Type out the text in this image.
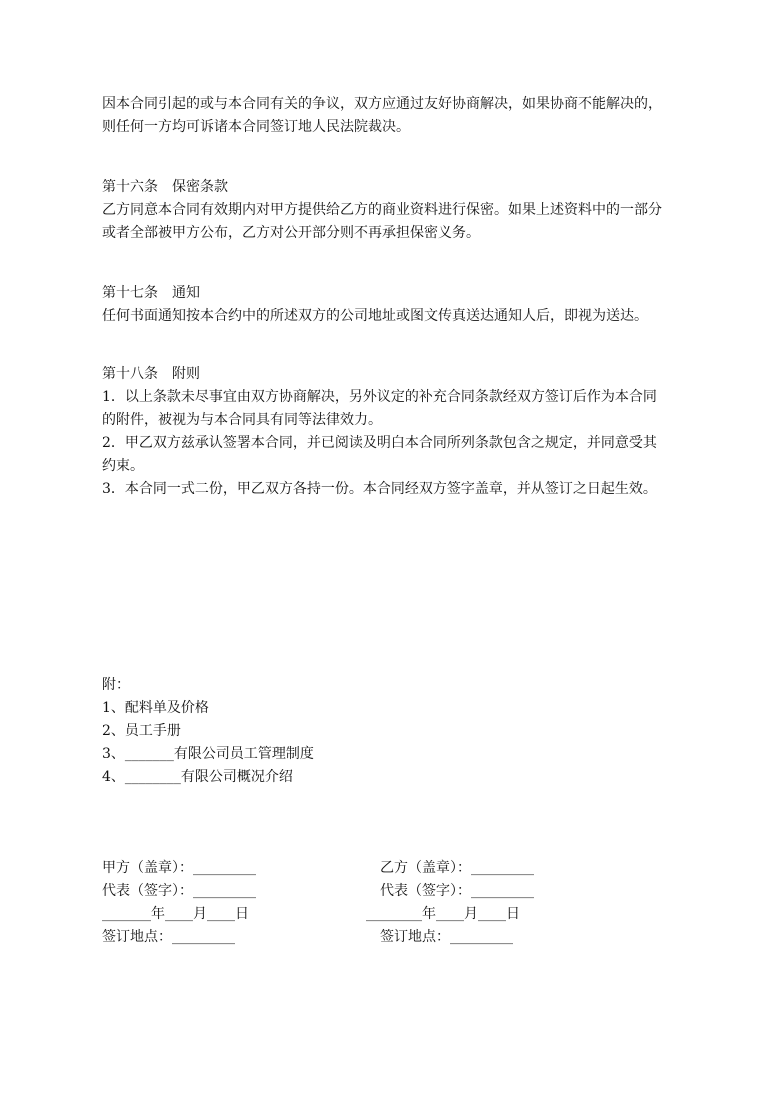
因本合同引起的或与本合同有关的争议，双方应通过友好协商解决，如果协商不能解决的，
则任何一方均可诉诸本合同签订地人民法院裁决。
第十六条　保密条款
乙方同意本合同有效期内对甲方提供给乙方的商业资料进行保密。如果上述资料中的一部分
或者全部被甲方公布，乙方对公开部分则不再承担保密义务。
第十七条　通知
任何书面通知按本合约中的所述双方的公司地址或图文传真送达通知人后，即视为送达。
第十八条　附则
1．以上条款未尽事宜由双方协商解决，另外议定的补充合同条款经双方签订后作为本合同
的附件，被视为与本合同具有同等法律效力。
2．甲乙双方兹承认签署本合同，并已阅读及明白本合同所列条款包含之规定，并同意受其
约束。
3．本合同一式二份，甲乙双方各持一份。本合同经双方签字盖章，并从签订之日起生效。
附：
1、配料单及价格
2、员工手册
3、_______有限公司员工管理制度
4、________有限公司概况介绍
甲方（盖章）：_________
代表（签字）：_________
_______年____月____日
签订地点：_________
乙方（盖章）：_________
代表（签字）：_________
________年____月____日
签订地点：_________
